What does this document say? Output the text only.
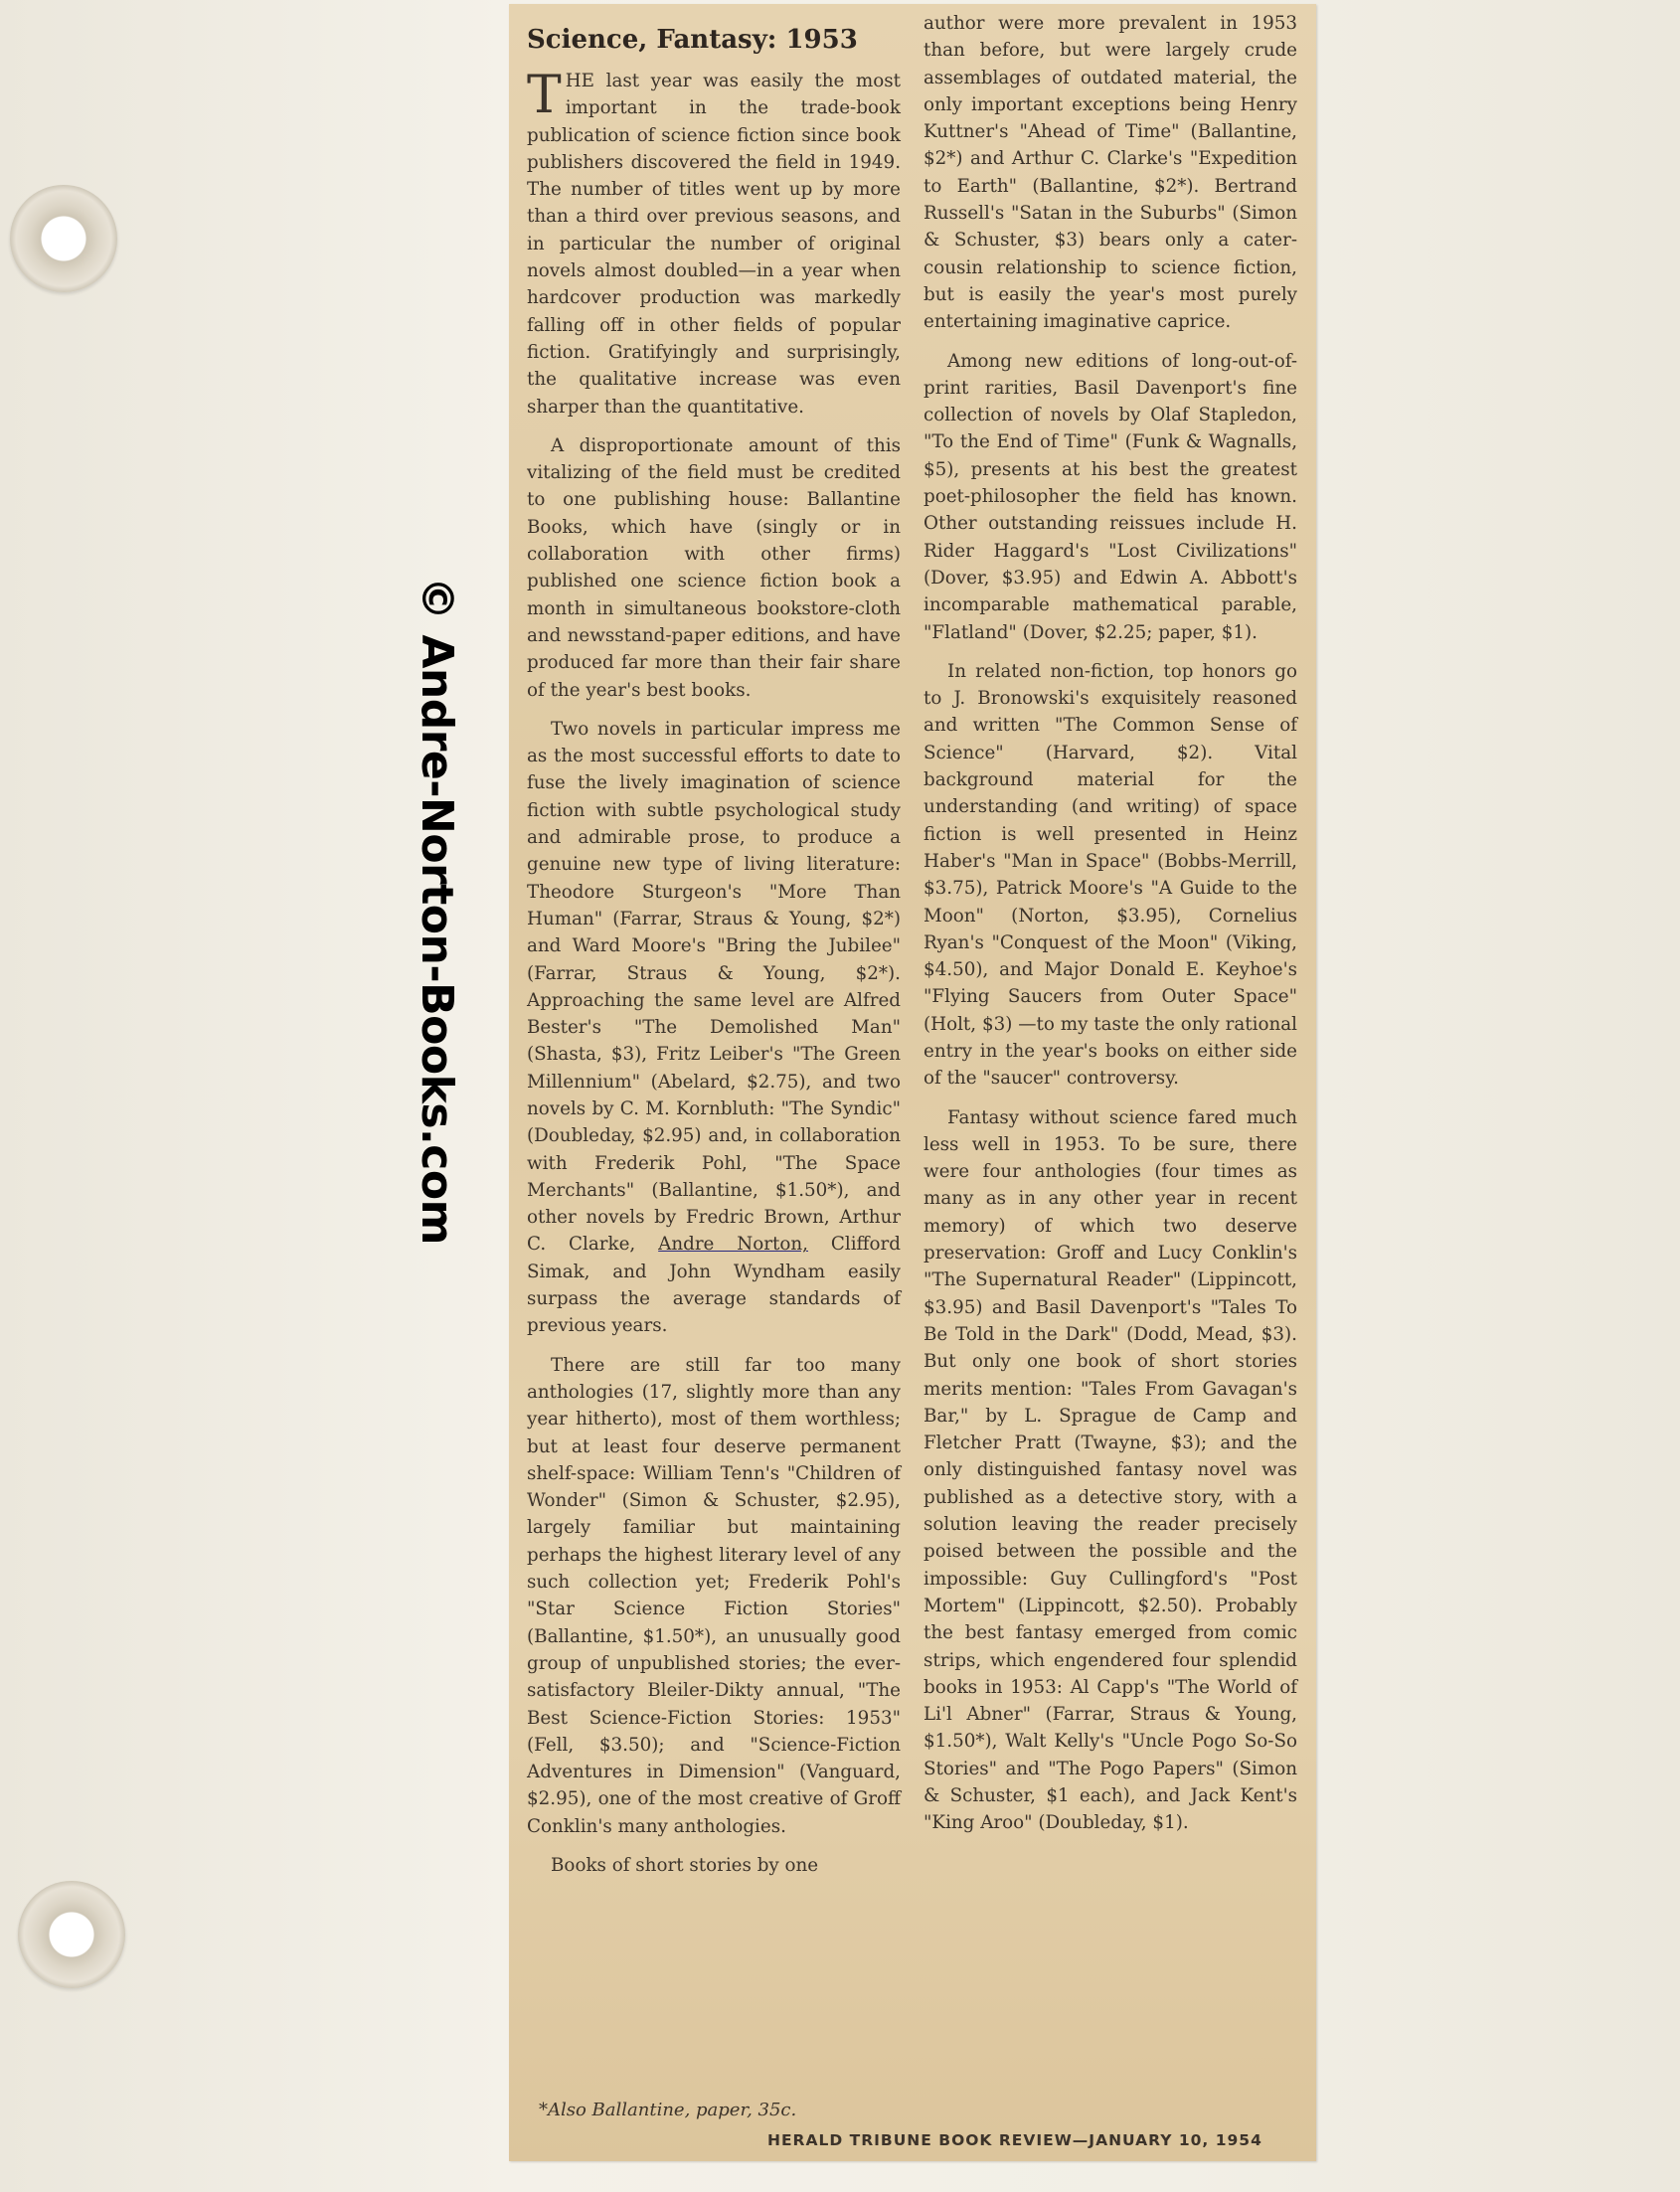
© Andre-Norton-Books.com
Science, Fantasy: 1953

THE last year was easily the most important in the trade-book publication of science fiction since book publishers discovered the field in 1949. The number of titles went up by more than a third over previous seasons, and in particular the number of original novels almost doubled—in a year when hardcover production was markedly falling off in other fields of popular fiction. Gratifyingly and surprisingly, the qualitative increase was even sharper than the quantitative.

A disproportionate amount of this vitalizing of the field must be credited to one publishing house: Ballantine Books, which have (singly or in collaboration with other firms) published one science fiction book a month in simultaneous bookstore-cloth and newsstand-paper editions, and have produced far more than their fair share of the year's best books.

Two novels in particular impress me as the most successful efforts to date to fuse the lively imagination of science fiction with subtle psychological study and admirable prose, to produce a genuine new type of living literature: Theodore Sturgeon's "More Than Human" (Farrar, Straus & Young, $2*) and Ward Moore's "Bring the Jubilee" (Farrar, Straus & Young, $2*). Approaching the same level are Alfred Bester's "The Demolished Man" (Shasta, $3), Fritz Leiber's "The Green Millennium" (Abelard, $2.75), and two novels by C. M. Kornbluth: "The Syndic" (Doubleday, $2.95) and, in collaboration with Frederik Pohl, "The Space Merchants" (Ballantine, $1.50*), and other novels by Fredric Brown, Arthur C. Clarke, Andre Norton, Clifford Simak, and John Wyndham easily surpass the average standards of previous years.

There are still far too many anthologies (17, slightly more than any year hitherto), most of them worthless; but at least four deserve permanent shelf-space: William Tenn's "Children of Wonder" (Simon & Schuster, $2.95), largely familiar but maintaining perhaps the highest literary level of any such collection yet; Frederik Pohl's "Star Science Fiction Stories" (Ballantine, $1.50*), an unusually good group of unpublished stories; the ever-satisfactory Bleiler-Dikty annual, "The Best Science-Fiction Stories: 1953" (Fell, $3.50); and "Science-Fiction Adventures in Dimension" (Vanguard, $2.95), one of the most creative of Groff Conklin's many anthologies.

Books of short stories by one

author were more prevalent in 1953 than before, but were largely crude assemblages of outdated material, the only important exceptions being Henry Kuttner's "Ahead of Time" (Ballantine, $2*) and Arthur C. Clarke's "Expedition to Earth" (Ballantine, $2*). Bertrand Russell's "Satan in the Suburbs" (Simon & Schuster, $3) bears only a cater-cousin relationship to science fiction, but is easily the year's most purely entertaining imaginative caprice.

Among new editions of long-out-of-print rarities, Basil Davenport's fine collection of novels by Olaf Stapledon, "To the End of Time" (Funk & Wagnalls, $5), presents at his best the greatest poet-philosopher the field has known. Other outstanding reissues include H. Rider Haggard's "Lost Civilizations" (Dover, $3.95) and Edwin A. Abbott's incomparable mathematical parable, "Flatland" (Dover, $2.25; paper, $1).

In related non-fiction, top honors go to J. Bronowski's exquisitely reasoned and written "The Common Sense of Science" (Harvard, $2). Vital background material for the understanding (and writing) of space fiction is well presented in Heinz Haber's "Man in Space" (Bobbs-Merrill, $3.75), Patrick Moore's "A Guide to the Moon" (Norton, $3.95), Cornelius Ryan's "Conquest of the Moon" (Viking, $4.50), and Major Donald E. Keyhoe's "Flying Saucers from Outer Space" (Holt, $3) —to my taste the only rational entry in the year's books on either side of the "saucer" controversy.

Fantasy without science fared much less well in 1953. To be sure, there were four anthologies (four times as many as in any other year in recent memory) of which two deserve preservation: Groff and Lucy Conklin's "The Supernatural Reader" (Lippincott, $3.95) and Basil Davenport's "Tales To Be Told in the Dark" (Dodd, Mead, $3). But only one book of short stories merits mention: "Tales From Gavagan's Bar," by L. Sprague de Camp and Fletcher Pratt (Twayne, $3); and the only distinguished fantasy novel was published as a detective story, with a solution leaving the reader precisely poised between the possible and the impossible: Guy Cullingford's "Post Mortem" (Lippincott, $2.50). Probably the best fantasy emerged from comic strips, which engendered four splendid books in 1953: Al Capp's "The World of Li'l Abner" (Farrar, Straus & Young, $1.50*), Walt Kelly's "Uncle Pogo So-So Stories" and "The Pogo Papers" (Simon & Schuster, $1 each), and Jack Kent's "King Aroo" (Doubleday, $1).

*Also Ballantine, paper, 35c.
HERALD TRIBUNE BOOK REVIEW—JANUARY 10, 1954
